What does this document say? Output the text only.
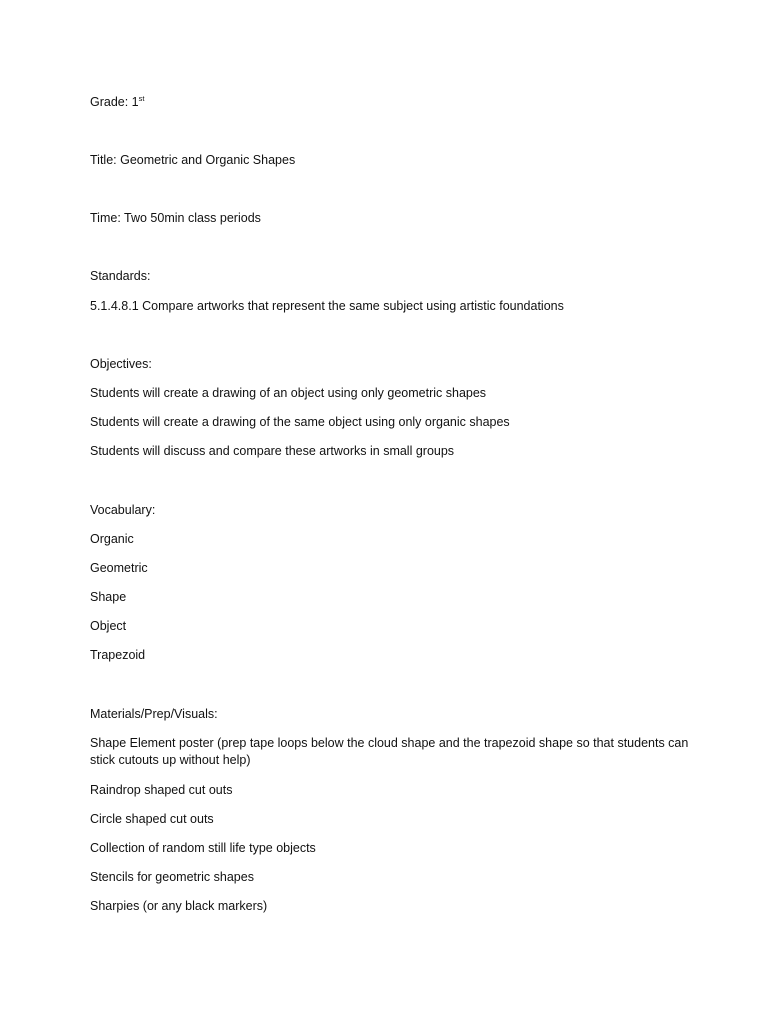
Grade: 1st
Title: Geometric and Organic Shapes
Time: Two 50min class periods
Standards:
5.1.4.8.1 Compare artworks that represent the same subject using artistic foundations
Objectives:
Students will create a drawing of an object using only geometric shapes
Students will create a drawing of the same object using only organic shapes
Students will discuss and compare these artworks in small groups
Vocabulary:
Organic
Geometric
Shape
Object
Trapezoid
Materials/Prep/Visuals:
Shape Element poster (prep tape loops below the cloud shape and the trapezoid shape so that students can stick cutouts up without help)
Raindrop shaped cut outs
Circle shaped cut outs
Collection of random still life type objects
Stencils for geometric shapes
Sharpies (or any black markers)
